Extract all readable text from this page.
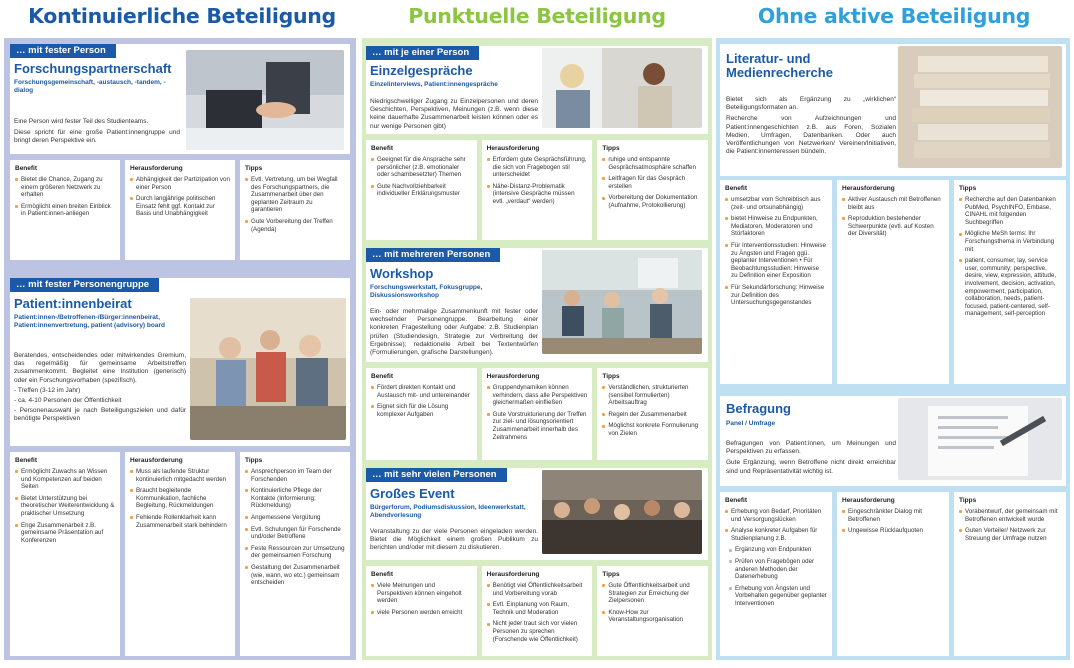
Kontinuierliche Beteiligung	Punktuelle Beteiligung	Ohne aktive Beteiligung
… mit fester Person
Forschungspartnerschaft
Forschungsgemeinschaft, -austausch, -tandem, -dialog
Eine Person wird fester Teil des Studienteams.
Diese spricht für eine große Patient:innengruppe und bringt deren Perspektive ein.
Benefit
Bietet die Chance, Zugang zu einem größeren Netzwerk zu erhalten
Ermöglicht einen breiten Einblick in Patient:innen-anliegen
Herausforderung
Abhängigkeit der Partizipation von einer Person
Durch langjährige politischen Einsatz fehlt ggf. Kontakt zur Basis und Unabhängigkeit
Tipps
Evtl. Vertretung, um bei Wegfall des Forschungspartners, die Zusammenarbeit über den geplanten Zeitraum zu garantieren
Gute Vorbereitung der Treffen (Agenda)
… mit fester Personengruppe
Patient:innenbeirat
Patient:innen-/Betroffenen-/Bürger:innenbeirat, Patient:innenvertretung, patient (advisory) board
Beratendes, entscheidendes oder mitwirkendes Gremium, das regelmäßig für gemeinsame Arbeitstreffen zusammenkommt. Begleitet eine Institution (generisch) oder ein Forschungsvorhaben (spezifisch).
- Treffen (3-12 im Jahr)
- ca. 4-10 Personen der Öffentlichkeit
- Personenauswahl je nach Beteiligungszielen und dafür benötigte Perspektiven
Benefit
Ermöglicht Zuwachs an Wissen und Kompetenzen auf beiden Seiten
Bietet Unterstützung bei theoretischer Weiterentwicklung & praktischer Umsetzung
Enge Zusammenarbeit z.B. gemeinsame Präsentation auf Konferenzen
Herausforderung
Muss als laufende Struktur kontinuierlich mitgedacht werden
Braucht begleitende Kommunikation, fachliche Begleitung, Rückmeldungen
Fehlende Rollenklarheit kann Zusammenarbeit stark behindern
Tipps
Ansprechperson im Team der Forschenden
Kontinuierliche Pflege der Kontakte (Informierung; Rückmeldung)
Angemessene Vergütung
Evtl. Schulungen für Forschende und/oder Betroffene
Feste Ressourcen zur Umsetzung der gemeinsamen Forschung
Gestaltung der Zusammenarbeit (wie, wann, wo etc.) gemeinsam entscheiden
… mit je einer Person
Einzelgespräche
Einzelinterviews, Patient:innengespräche
Niedrigschwelliger Zugang zu Einzelpersonen und deren Geschichten, Perspektiven, Meinungen (z.B. wenn diese keine dauerhafte Zusammenarbeit leisten können oder es nur wenige Personen gibt)
Benefit
Geeignet für die Ansprache sehr persönlicher (z.B. emotionaler oder schambesetzter) Themen
Gute Nachvollziehbarkeit individueller Erklärungsmuster
Herausforderung
Erfordern gute Gesprächsführung, die sich von Fragebogen stil unterscheidet
Nähe-Distanz-Problematik (intensive Gespräche müssen evtl. „verdaut“ werden)
Tipps
ruhige und entspannte Gesprächsatmosphäre schaffen
Leitfragen für das Gespräch erstellen
Vorbereitung der Dokumentation (Aufnahme, Protokollierung)
… mit mehreren Personen
Workshop
Forschungswerkstatt, Fokusgruppe, Diskussionsworkshop
Ein- oder mehrmalige Zusammenkunft mit fester oder wechselnder Personengruppe. Bearbeitung einer konkreten Fragestellung oder Aufgabe: z.B. Studienplan prüfen (Studiendesign, Strategie zur Verbreitung der Ergebnisse); redaktionelle Arbeit bei Textentwürfen (Formulierungen, grafische Darstellungen).
Benefit
Fördert direkten Kontakt und Austausch mit- und untereinander
Eignet sich für die Lösung komplexer Aufgaben
Herausforderung
Gruppendynamiken können verhindern, dass alle Perspektiven gleichermaßen einfließen
Gute Vorstrukturierung der Treffen zur ziel- und lösungsorientiert Zusammenarbeit innerhalb des Zeitrahmens
Tipps
Verständlichen, strukturierten (sensibel formulierten) Arbeitsauftrag
Regeln der Zusammenarbeit
Möglichst konkrete Formulierung von Zielen
… mit sehr vielen Personen
Großes Event
Bürgerforum, Podiumsdiskussion, Ideenwerkstatt, Abendvorlesung
Veranstaltung zu der viele Personen eingeladen werden. Bietet die Möglichkeit einem großen Publikum zu berichten und/oder mit diesem zu diskutieren.
Benefit
Viele Meinungen und Perspektiven können eingeholt werden
viele Personen werden erreicht
Herausforderung
Benötigt viel Öffentlichkeitsarbeit und Vorbereitung vorab
Evtl. Einplanung von Raum, Technik und Moderation
Nicht jeder traut sich vor vielen Personen zu sprechen (Forschende wie Öffentlichkeit)
Tipps
Gute Öffentlichkeitsarbeit und Strategien zur Erreichung der Zielpersonen
Know-How zur Veranstaltungsorganisation
Literatur- und Medienrecherche
Bietet sich als Ergänzung zu „wirklichen“ Beteiligungsformaten an.
Recherche von Aufzeichnungen und Patient:innengeschichten z.B. aus Foren, Sozialen Medien, Umfragen, Datenbanken. Oder auch Veröffentlichungen von Netzwerken/ Vereinen/Initiativen, die Patient:innenteressen bündeln.
Benefit
umsetzbar vom Schreibtisch aus (zeit- und ortsunabhängig)
bietet Hinweise zu Endpunkten, Mediatoren, Moderatoren und Störfaktoren
Für Interventionsstudien: Hinweise zu Ängsten und Fragen ggü. geplanter Interventionen • Für Beobachtungsstudien: Hinweise zu Definition einer Exposition
Für Sekundärforschung: Hinweise zur Definition des Untersuchungsgegenstandes
Herausforderung
Aktiver Austausch mit Betroffenen bleibt aus
Reproduktion bestehender Schwerpunkte (evtl. auf Kosten der Diversität)
Tipps
Recherche auf den Datenbanken PubMed, PsychINFO, Embase, CINAHL mit folgenden Suchbegriffen
Mögliche MeSh terms: Ihr Forschungsthema in Verbindung mit
patient, consumer, lay, service user, community; perspective, desire, view, expression, attitude, involvement, decision, activation, empowerment, participation, collaboration, needs, patient-focused, patient-centered, self-management, self-perception
Befragung
Panel / Umfrage
Befragungen von Patient:innen, um Meinungen und Perspektiven zu erfassen.
Gute Ergänzung, wenn Betroffene nicht direkt erreichbar sind und Repräsentativität wichtig ist.
Benefit
Erhebung von Bedarf, Prioritäten und Versorgungslücken
Analyse konkreter Aufgaben für Studienplanung z.B.
Ergänzung von Endpunkten
Prüfen von Fragebögen oder anderen Methoden der Datenerhebung
Erhebung von Ängsten und Vorbehalten gegenüber geplanter Interventionen
Herausforderung
Eingeschränkter Dialog mit Betroffenen
Ungewisse Rücklaufquoten
Tipps
Vorabentwurf, der gemeinsam mit Betroffenen entwickelt wurde
Guten Verteiler/ Netzwerk zur Streuung der Umfrage nutzen
